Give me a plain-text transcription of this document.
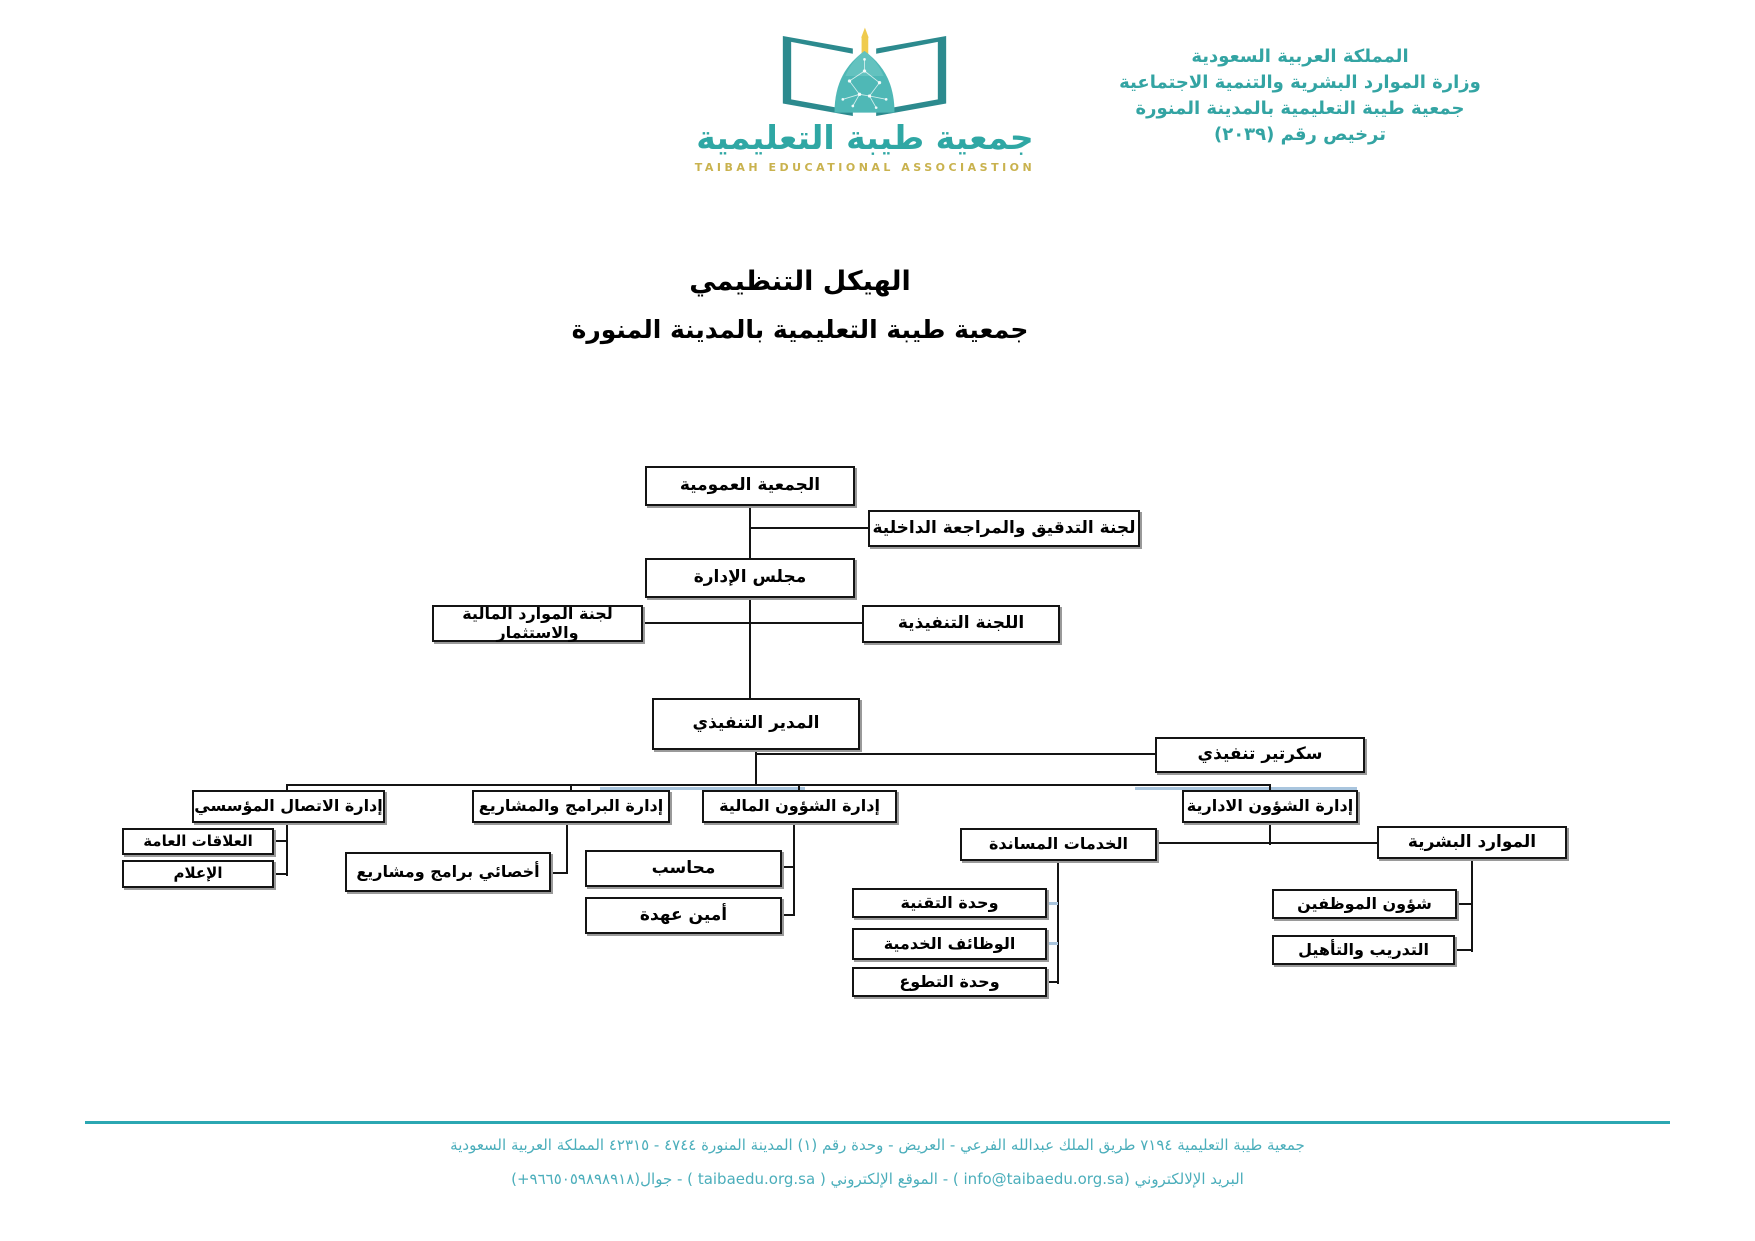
جمعية طيبة التعليمية
TAIBAH EDUCATIONAL ASSOCIASTION
المملكة العربية السعودية
وزارة الموارد البشرية والتنمية الاجتماعية
جمعية طيبة التعليمية بالمدينة المنورة
ترخيص رقم (٢٠٣٩)
الهيكل التنظيمي
جمعية طيبة التعليمية بالمدينة المنورة
الجمعية العمومية
لجنة التدقيق والمراجعة الداخلية
مجلس الإدارة
لجنة الموارد المالية والاستثمار	اللجنة التنفيذية
المدير التنفيذي
سكرتير تنفيذي
إدارة الاتصال المؤسسي	إدارة البرامج والمشاريع	إدارة الشؤون المالية	إدارة الشؤون الادارية
الخدمات المساندة
العلاقات العامة
الإعلام	أخصائي برامج ومشاريع	محاسب
أمين عهدة
وحدة التقنية
الوظائف الخدمية
وحدة التطوع
الموارد البشرية
شؤون الموظفين
التدريب والتأهيل
جمعية طيبة التعليمية ٧١٩٤ طريق الملك عبدالله الفرعي - العريض - وحدة رقم (١) المدينة المنورة ٤٧٤٤ - ٤٢٣١٥ المملكة العربية السعودية
البريد الإلالكتروني (info@taibaedu.org.sa ) - الموقع الإلكتروني ( taibaedu.org.sa ) - جوال(٩٦٦٥٠٥٩٨٩٨٩١٨+)
